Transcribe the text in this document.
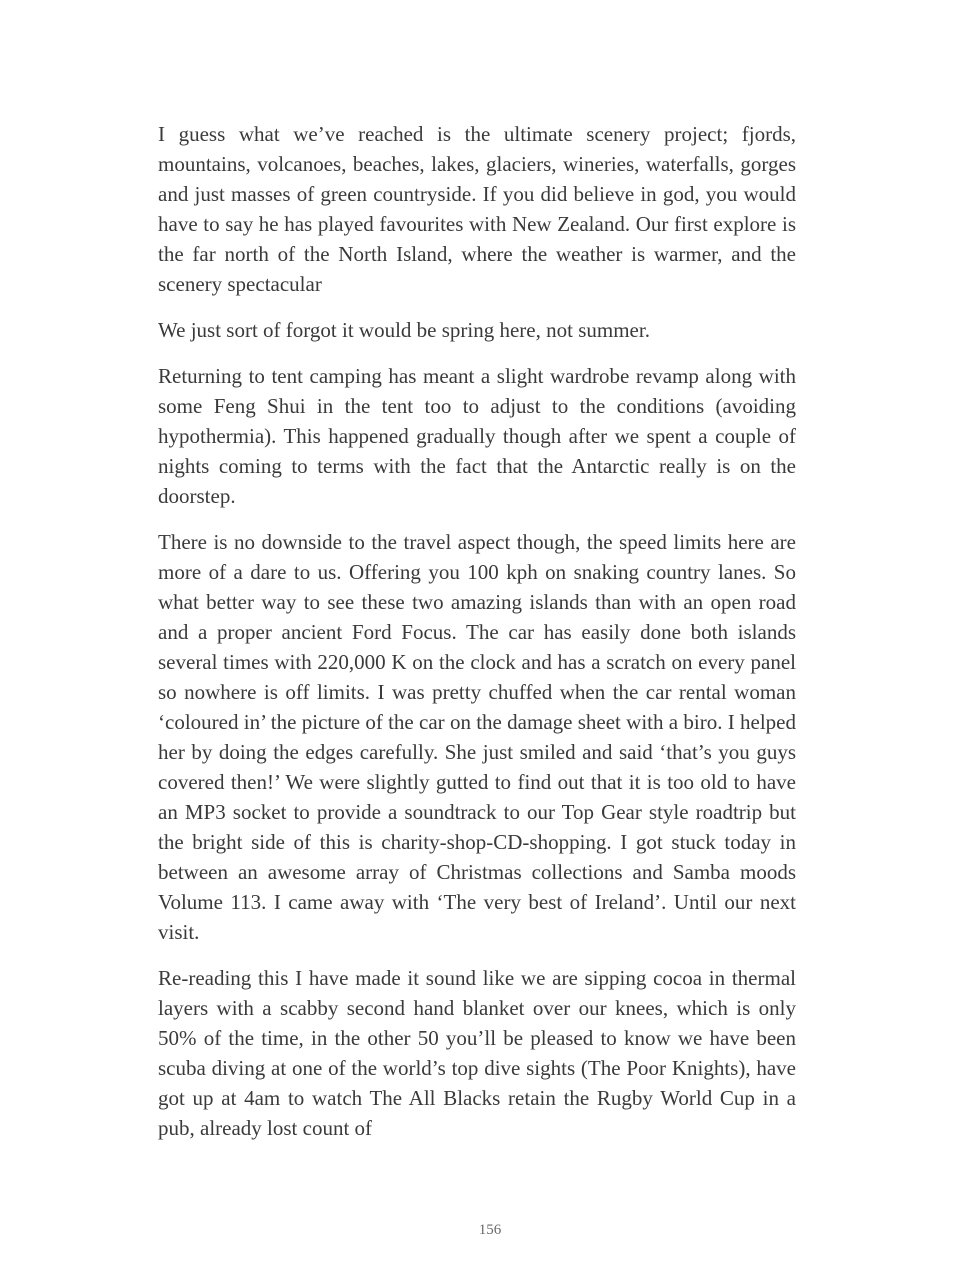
I guess what we’ve reached is the ultimate scenery project; fjords, mountains, volcanoes, beaches, lakes, glaciers, wineries, waterfalls, gorges and just masses of green countryside. If you did believe in god, you would have to say he has played favourites with New Zealand. Our first explore is the far north of the North Island, where the weather is warmer, and the scenery spectacular

We just sort of forgot it would be spring here, not summer.

Returning to tent camping has meant a slight wardrobe revamp along with some Feng Shui in the tent too to adjust to the conditions (avoiding hypothermia). This happened gradually though after we spent a couple of nights coming to terms with the fact that the Antarctic really is on the doorstep.

There is no downside to the travel aspect though, the speed limits here are more of a dare to us. Offering you 100 kph on snaking country lanes. So what better way to see these two amazing islands than with an open road and a proper ancient Ford Focus. The car has easily done both islands several times with 220,000 K on the clock and has a scratch on every panel so nowhere is off limits. I was pretty chuffed when the car rental woman ‘coloured in’ the picture of the car on the damage sheet with a biro. I helped her by doing the edges carefully. She just smiled and said ‘that’s you guys covered then!’ We were slightly gutted to find out that it is too old to have an MP3 socket to provide a soundtrack to our Top Gear style roadtrip but the bright side of this is charity-shop-CD-shopping. I got stuck today in between an awesome array of Christmas collections and Samba moods Volume 113. I came away with ‘The very best of Ireland’. Until our next visit.

Re-reading this I have made it sound like we are sipping cocoa in thermal layers with a scabby second hand blanket over our knees, which is only 50% of the time, in the other 50 you’ll be pleased to know we have been scuba diving at one of the world’s top dive sights (The Poor Knights), have got up at 4am to watch The All Blacks retain the Rugby World Cup in a pub, already lost count of

156
